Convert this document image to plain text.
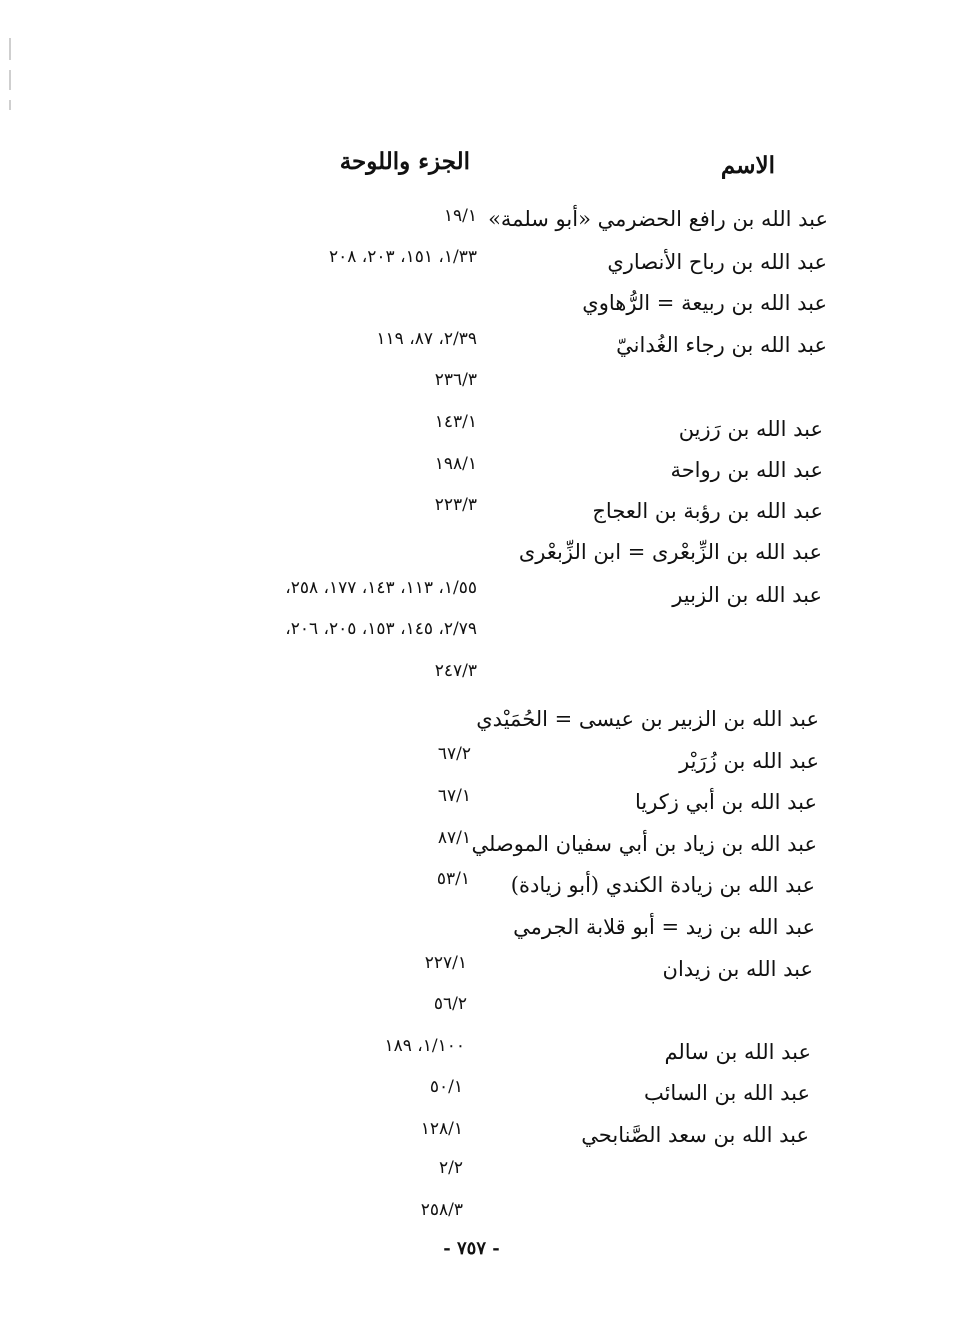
الاسم
الجزء واللوحة
عبد الله بن رافع الحضرمي «أبو سلمة»
١٩/١
عبد الله بن رباح الأنصاري
١/٣٣، ١٥١، ٢٠٣، ٢٠٨
عبد الله بن ربيعة = الرُّهاوي
عبد الله بن رجاء الغُدانيّ
٢/٣٩، ٨٧، ١١٩
٢٣٦/٣
عبد الله بن رَزين
١٤٣/١
عبد الله بن رواحة
١٩٨/١
عبد الله بن رؤبة بن العجاج
٢٢٣/٣
عبد الله بن الزِّبعْرى = ابن الزِّبعْرى
عبد الله بن الزبير
١/٥٥، ١١٣، ١٤٣، ١٧٧، ٢٥٨،
٢/٧٩، ١٤٥، ١٥٣، ٢٠٥، ٢٠٦،
٢٤٧/٣
عبد الله بن الزبير بن عيسى = الحُمَيْدي
عبد الله بن زُرَيْر
٦٧/٢
عبد الله بن أبي زكريا
٦٧/١
عبد الله بن زياد بن أبي سفيان الموصلي
٨٧/١
عبد الله بن زيادة الكندي (أبو زيادة)
٥٣/١
عبد الله بن زيد = أبو قلابة الجرمي
عبد الله بن زيدان
٢٢٧/١
٥٦/٢
عبد الله بن سالم
١/١٠٠، ١٨٩
عبد الله بن السائب
٥٠/١
عبد الله بن سعد الصَّنابحي
١٢٨/١
٢/٢
٢٥٨/٣
- ٧٥٧ -
